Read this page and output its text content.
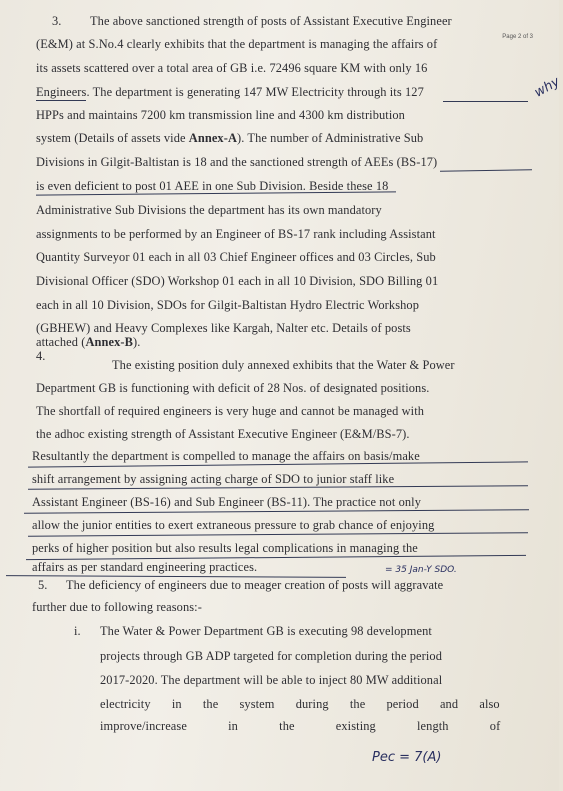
Page 2 of 3
3.
4.
5.
i.
The above sanctioned strength of posts of Assistant Executive Engineer
(E&M) at S.No.4 clearly exhibits that the department is managing the affairs of
its assets scattered over a total area of GB i.e. 72496 square KM with only 16
Engineers. The department is generating 147 MW Electricity through its 127
HPPs and maintains 7200 km transmission line and 4300 km distribution
system (Details of assets vide Annex-A). The number of Administrative Sub
Divisions in Gilgit-Baltistan is 18 and the sanctioned strength of AEEs (BS-17)
is even deficient to post 01 AEE in one Sub Division. Beside these 18
Administrative Sub Divisions the department has its own mandatory
assignments to be performed by an Engineer of BS-17 rank including Assistant
Quantity Surveyor 01 each in all 03 Chief Engineer offices and 03 Circles, Sub
Divisional Officer (SDO) Workshop 01 each in all 10 Division, SDO Billing 01
each in all 10 Division, SDOs for Gilgit-Baltistan Hydro Electric Workshop
(GBHEW) and Heavy Complexes like Kargah, Nalter etc. Details of posts
attached (Annex-B).
The existing position duly annexed exhibits that the Water & Power
Department GB is functioning with deficit of 28 Nos. of designated positions.
The shortfall of required engineers is very huge and cannot be managed with
the adhoc existing strength of Assistant Executive Engineer (E&M/BS-7).
Resultantly the department is compelled to manage the affairs on basis/make
shift arrangement by assigning acting charge of SDO to junior staff like
Assistant Engineer (BS-16) and Sub Engineer (BS-11). The practice not only
allow the junior entities to exert extraneous pressure to grab chance of enjoying
perks of higher position but also results legal complications in managing the
affairs as per standard engineering practices.
The deficiency of engineers due to meager creation of posts will aggravate
further due to following reasons:-
The Water & Power Department GB is executing 98 development
projects through GB ADP targeted for completion during the period
2017-2020. The department will be able to inject 80 MW additional
electricity in the system during the period and also
improve/increase in the existing length of
why
= 35 Jan-Y SDO.
Pec = 7(A)
